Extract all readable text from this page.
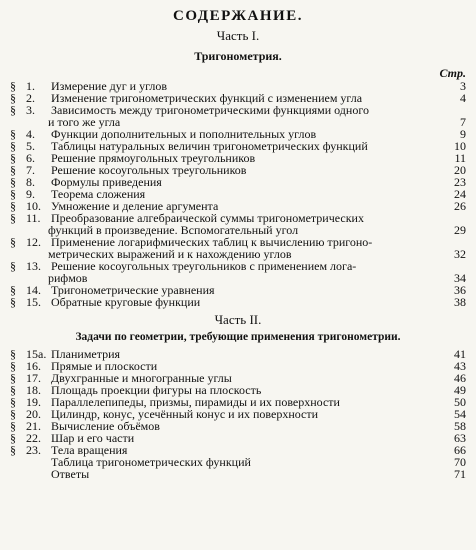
СОДЕРЖАНИЕ.
Часть I.
Тригонометрия.
Стр.
§ 1. Измерение дуг и углов	3
§ 2. Изменение тригонометрических функций с изменением угла	4
§ 3. Зависимость между тригонометрическими функциями одного
и того же угла	7
§ 4. Функции дополнительных и пополнительных углов	9
§ 5. Таблицы натуральных величин тригонометрических функций	10
§ 6. Решение прямоугольных треугольников	11
§ 7. Решение косоугольных треугольников	20
§ 8. Формулы приведения	23
§ 9. Теорема сложения	24
§ 10. Умножение и деление аргумента	26
§ 11. Преобразование алгебраической суммы тригонометрических
функций в произведение. Вспомогательный угол	29
§ 12. Применение логарифмических таблиц к вычислению тригоно-
метрических выражений и к нахождению углов	32
§ 13. Решение косоугольных треугольников с применением лога-
рифмов	34
§ 14. Тригонометрические уравнения	36
§ 15. Обратные круговые функции	38
Часть II.
Задачи по геометрии, требующие применения тригонометрии.
§ 15а. Планиметрия	41
§ 16. Прямые и плоскости	43
§ 17. Двухгранные и многогранные углы	46
§ 18. Площадь проекции фигуры на плоскость	49
§ 19. Параллелепипеды, призмы, пирамиды и их поверхности	50
§ 20. Цилиндр, конус, усечённый конус и их поверхности	54
§ 21. Вычисление объёмов	58
§ 22. Шар и его части	63
§ 23. Тела вращения	66
Таблица тригонометрических функций	70
Ответы	71
